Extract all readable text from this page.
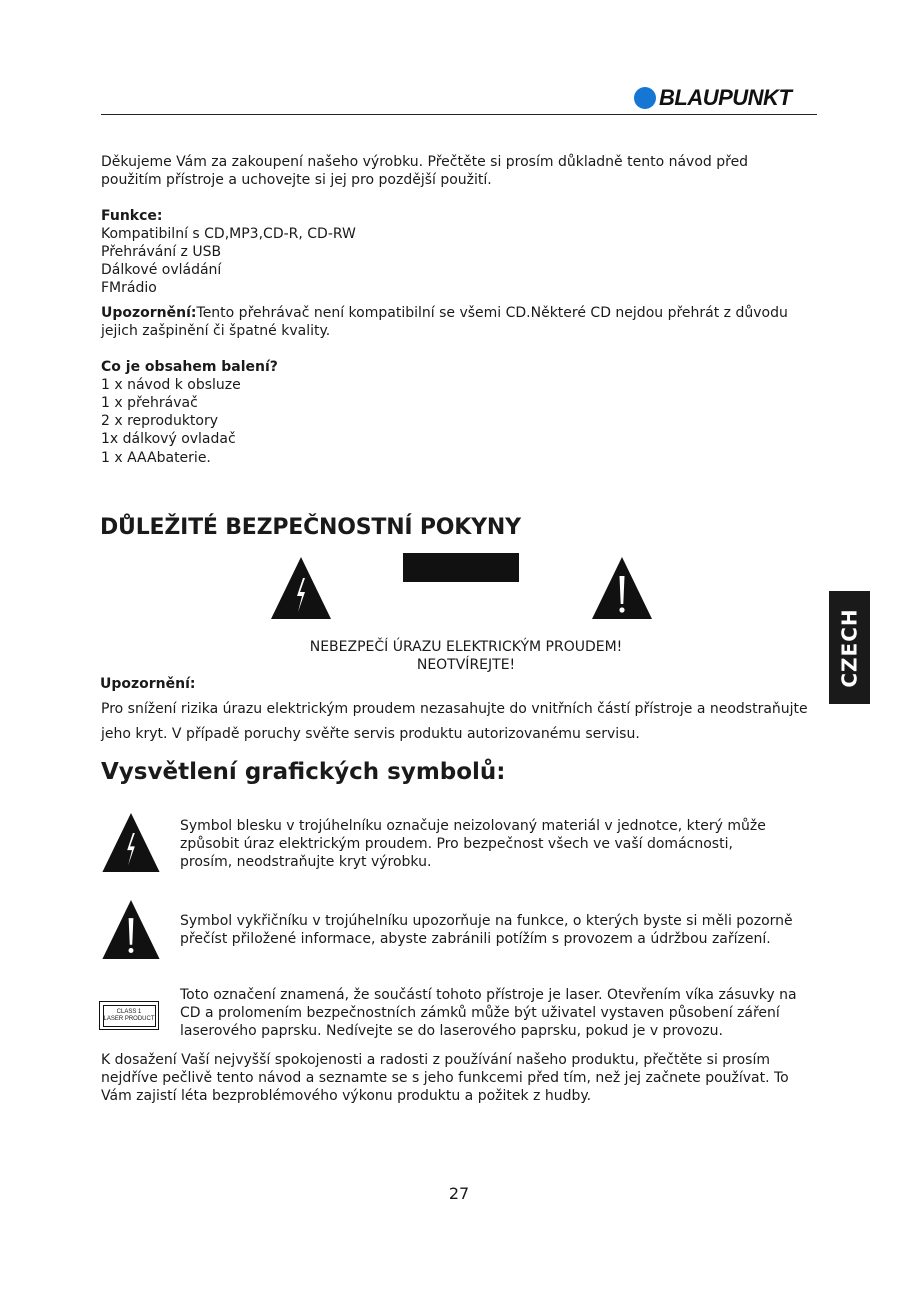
BLAUPUNKT
Děkujeme Vám za zakoupení našeho výrobku. Přečtěte si prosím důkladně tento návod před
použitím přístroje a uchovejte si jej pro pozdější použití.
Funkce:
Kompatibilní s CD,MP3,CD-R, CD-RW
Přehrávání z USB
Dálkové ovládání
FMrádio
Upozornění:Tento přehrávač není kompatibilní se všemi CD.Některé CD nejdou přehrát z důvodu
jejich zašpinění či špatné kvality.
Co je obsahem balení?
1 x návod k obsluze
1 x přehrávač
2 x reproduktory
1x dálkový ovladač
1 x AAAbaterie.
DŮLEŽITÉ BEZPEČNOSTNÍ POKYNY
NEBEZPEČÍ ÚRAZU ELEKTRICKÝM PROUDEM!
NEOTVÍREJTE!
Upozornění:
Pro snížení rizika úrazu elektrickým proudem nezasahujte do vnitřních částí přístroje a neodstraňujte
jeho kryt. V případě poruchy svěřte servis produktu autorizovanému servisu.
CZECH
Vysvětlení grafických symbolů:
Symbol blesku v trojúhelníku označuje neizolovaný materiál v jednotce, který může
způsobit úraz elektrickým proudem. Pro bezpečnost všech ve vaší domácnosti,
prosím, neodstraňujte kryt výrobku.
Symbol vykřičníku v trojúhelníku upozorňuje na funkce, o kterých byste si měli pozorně
přečíst přiložené informace, abyste zabránili potížím s provozem a údržbou zařízení.
CLASS 1
LASER PRODUCT
Toto označení znamená, že součástí tohoto přístroje je laser. Otevřením víka zásuvky na
CD a prolomením bezpečnostních zámků může být uživatel vystaven působení záření
laserového paprsku. Nedívejte se do laserového paprsku, pokud je v provozu.
K dosažení Vaší nejvyšší spokojenosti a radosti z používání našeho produktu, přečtěte si prosím
nejdříve pečlivě tento návod a seznamte se s jeho funkcemi před tím, než jej začnete používat. To
Vám zajistí léta bezproblémového výkonu produktu a požitek z hudby.
27
